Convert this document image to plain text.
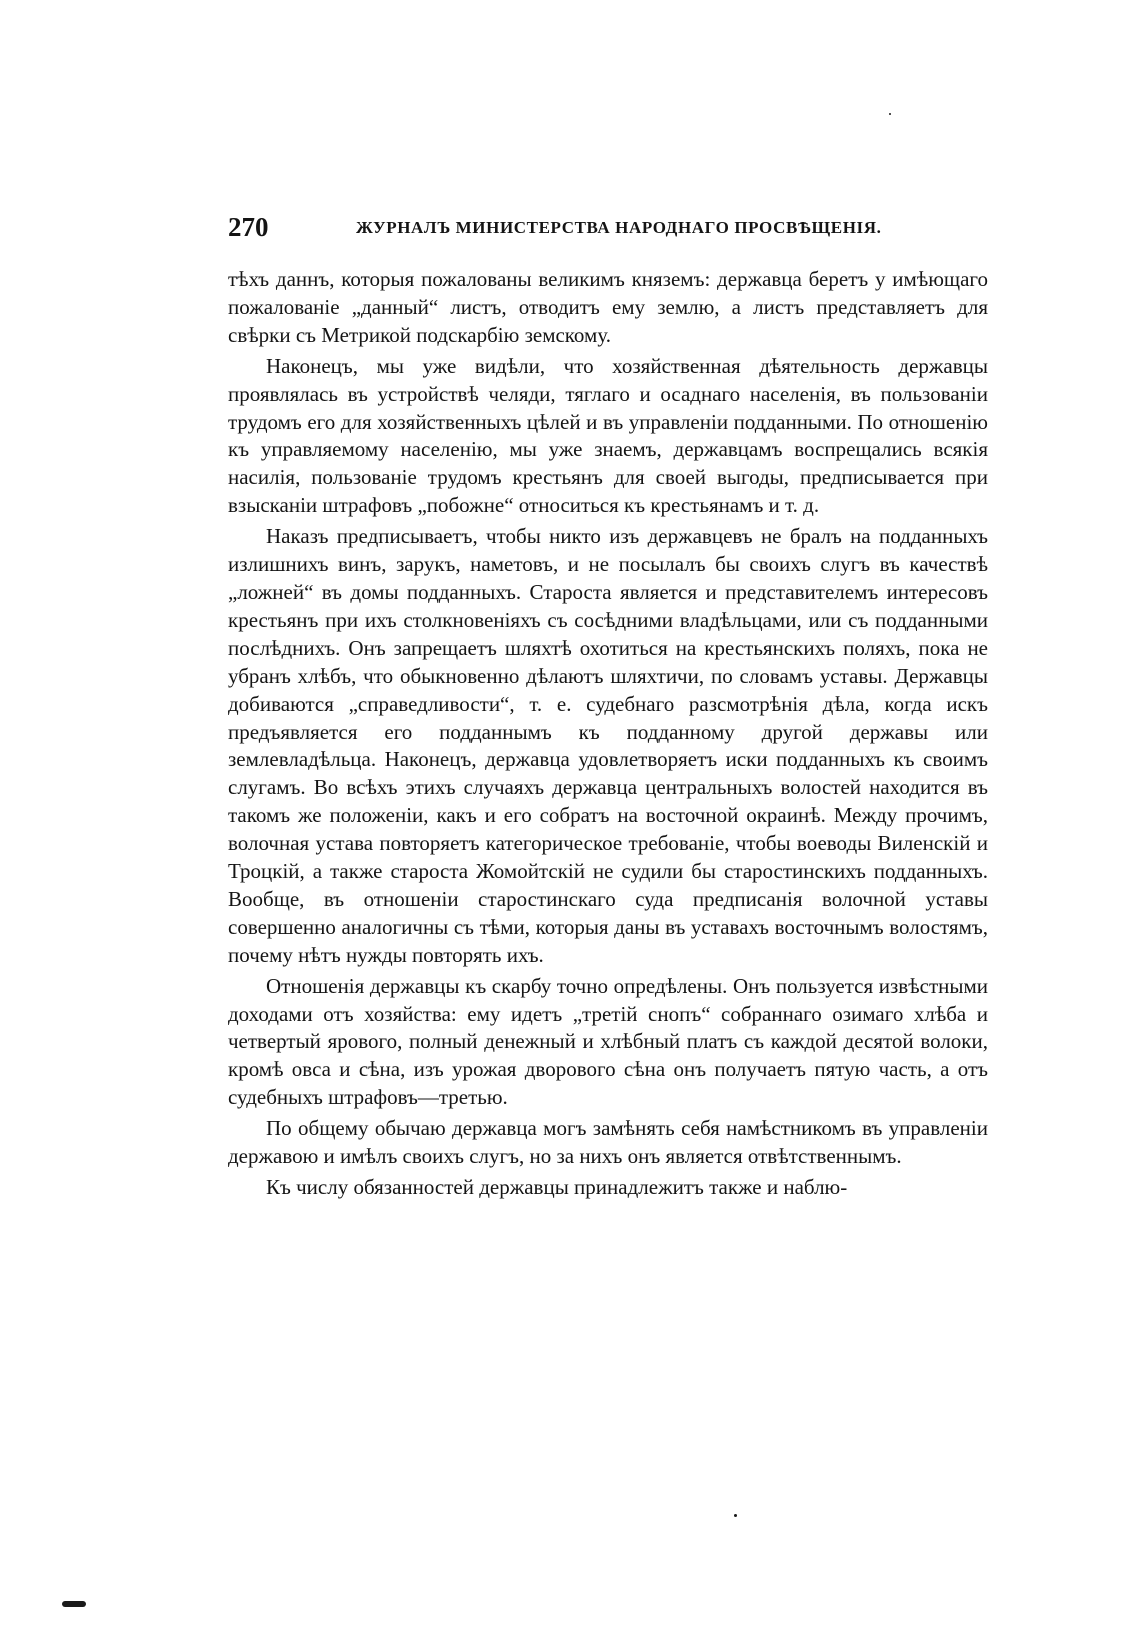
270	ЖУРНАЛЪ МИНИСТЕРСТВА НАРОДНАГО ПРОСВѢЩЕНІЯ.

тѣхъ даннъ, которыя пожалованы великимъ княземъ: державца беретъ у имѣющаго пожалованіе „данный“ листъ, отводитъ ему землю, а листъ представляетъ для свѣрки съ Метрикой подскарбію земскому.

Наконецъ, мы уже видѣли, что хозяйственная дѣятельность державцы проявлялась въ устройствѣ челяди, тяглаго и осаднаго населенія, въ пользованіи трудомъ его для хозяйственныхъ цѣлей и въ управленіи подданными. По отношенію къ управляемому населенію, мы уже знаемъ, державцамъ воспрещались всякія насилія, пользованіе трудомъ крестьянъ для своей выгоды, предписывается при взысканіи штрафовъ „побожне“ относиться къ крестьянамъ и т. д.

Наказъ предписываетъ, чтобы никто изъ державцевъ не бралъ на подданныхъ излишнихъ винъ, зарукъ, наметовъ, и не посылалъ бы своихъ слугъ въ качествѣ „ложней“ въ домы подданныхъ. Староста является и представителемъ интересовъ крестьянъ при ихъ столкновеніяхъ съ сосѣдними владѣльцами, или съ подданными послѣднихъ. Онъ запрещаетъ шляхтѣ охотиться на крестьянскихъ поляхъ, пока не убранъ хлѣбъ, что обыкновенно дѣлаютъ шляхтичи, по словамъ уставы. Державцы добиваются „справедливости“, т. е. судебнаго разсмотрѣнія дѣла, когда искъ предъявляется его подданнымъ къ подданному другой державы или землевладѣльца. Наконецъ, державца удовлетворяетъ иски подданныхъ къ своимъ слугамъ. Во всѣхъ этихъ случаяхъ державца центральныхъ волостей находится въ такомъ же положеніи, какъ и его собратъ на восточной окраинѣ. Между прочимъ, волочная устава повторяетъ категорическое требованіе, чтобы воеводы Виленскій и Троцкій, а также староста Жомойтскій не судили бы старостинскихъ подданныхъ. Вообще, въ отношеніи старостинскаго суда предписанія волочной уставы совершенно аналогичны съ тѣми, которыя даны въ уставахъ восточнымъ волостямъ, почему нѣтъ нужды повторять ихъ.

Отношенія державцы къ скарбу точно опредѣлены. Онъ пользуется извѣстными доходами отъ хозяйства: ему идетъ „третій снопъ“ собраннаго озимаго хлѣба и четвертый ярового, полный денежный и хлѣбный платъ съ каждой десятой волоки, кромѣ овса и сѣна, изъ урожая дворового сѣна онъ получаетъ пятую часть, а отъ судебныхъ штрафовъ—третью.

По общему обычаю державца могъ замѣнять себя намѣстникомъ въ управленіи державою и имѣлъ своихъ слугъ, но за нихъ онъ является отвѣтственнымъ.

Къ числу обязанностей державцы принадлежитъ также и наблю-
